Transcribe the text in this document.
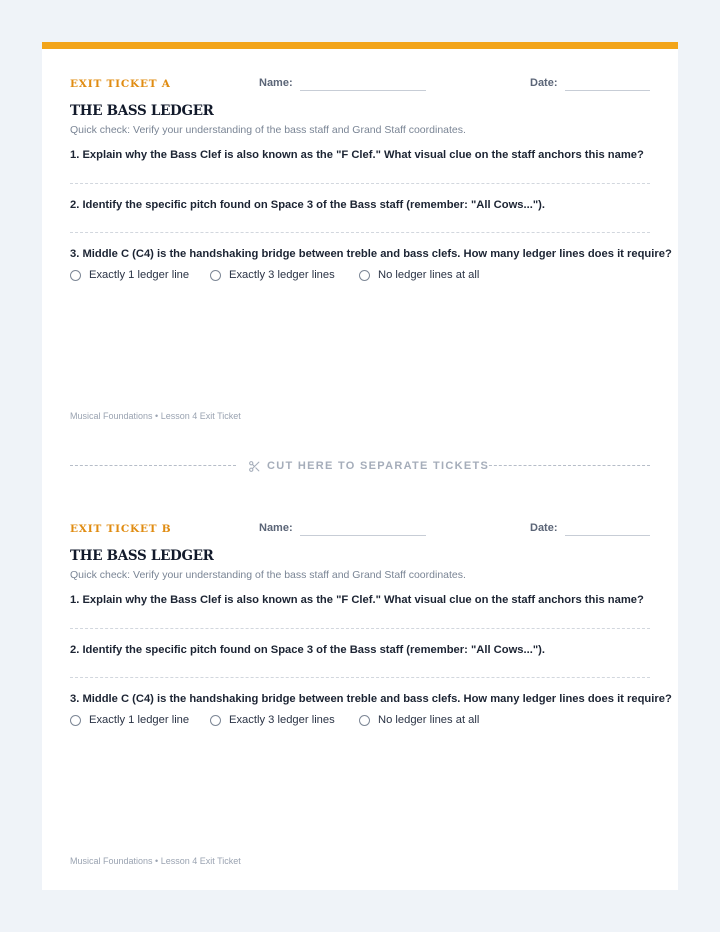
EXIT TICKET A	Name:	Date:
THE BASS LEDGER
Quick check: Verify your understanding of the bass staff and Grand Staff coordinates.
1. Explain why the Bass Clef is also known as the "F Clef." What visual clue on the staff anchors this name?
2. Identify the specific pitch found on Space 3 of the Bass staff (remember: "All Cows...").
3. Middle C (C4) is the handshaking bridge between treble and bass clefs. How many ledger lines does it require?
Exactly 1 ledger line	Exactly 3 ledger lines	No ledger lines at all
Musical Foundations • Lesson 4 Exit Ticket
CUT HERE TO SEPARATE TICKETS
EXIT TICKET B	Name:	Date:
THE BASS LEDGER
Quick check: Verify your understanding of the bass staff and Grand Staff coordinates.
1. Explain why the Bass Clef is also known as the "F Clef." What visual clue on the staff anchors this name?
2. Identify the specific pitch found on Space 3 of the Bass staff (remember: "All Cows...").
3. Middle C (C4) is the handshaking bridge between treble and bass clefs. How many ledger lines does it require?
Exactly 1 ledger line	Exactly 3 ledger lines	No ledger lines at all
Musical Foundations • Lesson 4 Exit Ticket
